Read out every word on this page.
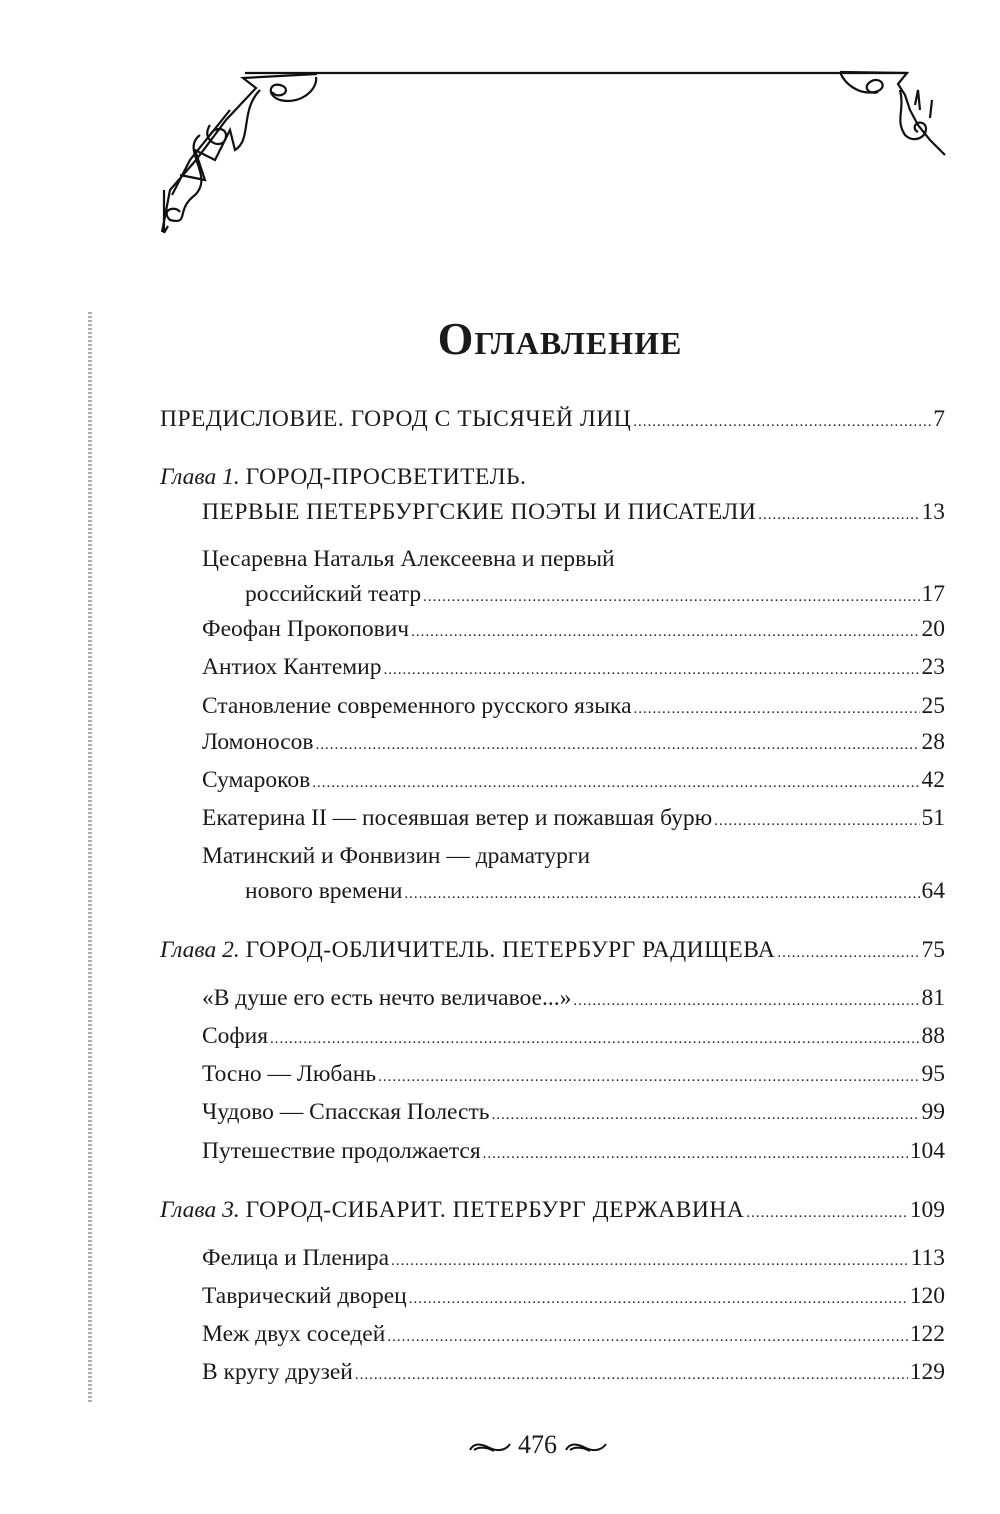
Оглавление
ПРЕДИСЛОВИЕ. ГОРОД С ТЫСЯЧЕЙ ЛИЦ .....	7
Глава 1.
ГОРОД-ПРОСВЕТИТЕЛЬ.
ПЕРВЫЕ ПЕТЕРБУРГСКИЕ ПОЭТЫ И ПИСАТЕЛИ .....	13
Цесаревна Наталья Алексеевна и первый
российский театр .....	17
Феофан Прокопович .....	20
Антиох Кантемир .....	23
Становление современного русского языка .....	25
Ломоносов .....	28
Сумароков .....	42
Екатерина II — посеявшая ветер и пожавшая бурю .....	51
Матинский и Фонвизин — драматурги
нового времени .....	64
Глава 2.
ГОРОД-ОБЛИЧИТЕЛЬ. ПЕТЕРБУРГ РАДИЩЕВА .....	75
«В душе его есть нечто величавое...» .....	81
София .....	88
Тосно — Любань .....	95
Чудово — Спасская Полесть .....	99
Путешествие продолжается .....	104
Глава 3.
ГОРОД-СИБАРИТ. ПЕТЕРБУРГ ДЕРЖАВИНА .....	109
Фелица и Пленира .....	113
Таврический дворец .....	120
Меж двух соседей .....	122
В кругу друзей .....	129
476
